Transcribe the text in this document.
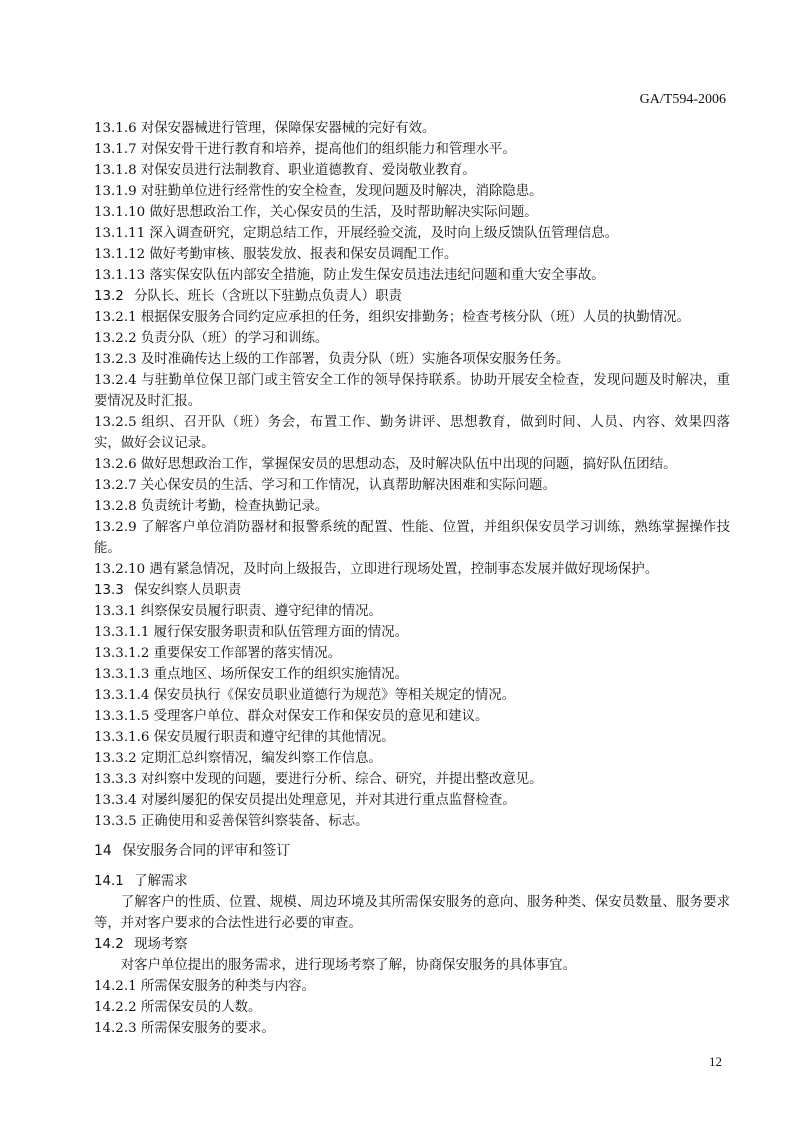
GA/T594-2006
13.1.6 对保安器械进行管理，保障保安器械的完好有效。
13.1.7 对保安骨干进行教育和培养，提高他们的组织能力和管理水平。
13.1.8 对保安员进行法制教育、职业道德教育、爱岗敬业教育。
13.1.9 对驻勤单位进行经常性的安全检查，发现问题及时解决，消除隐患。
13.1.10 做好思想政治工作，关心保安员的生活，及时帮助解决实际问题。
13.1.11 深入调查研究，定期总结工作，开展经验交流，及时向上级反馈队伍管理信息。
13.1.12 做好考勤审核、服装发放、报表和保安员调配工作。
13.1.13 落实保安队伍内部安全措施，防止发生保安员违法违纪问题和重大安全事故。
13.2 分队长、班长（含班以下驻勤点负责人）职责
13.2.1 根据保安服务合同约定应承担的任务，组织安排勤务；检查考核分队（班）人员的执勤情况。
13.2.2 负责分队（班）的学习和训练。
13.2.3 及时准确传达上级的工作部署，负责分队（班）实施各项保安服务任务。
13.2.4 与驻勤单位保卫部门或主管安全工作的领导保持联系。协助开展安全检查，发现问题及时解决，重要情况及时汇报。
13.2.5 组织、召开队（班）务会，布置工作、勤务讲评、思想教育，做到时间、人员、内容、效果四落实，做好会议记录。
13.2.6 做好思想政治工作，掌握保安员的思想动态，及时解决队伍中出现的问题，搞好队伍团结。
13.2.7 关心保安员的生活、学习和工作情况，认真帮助解决困难和实际问题。
13.2.8 负责统计考勤，检查执勤记录。
13.2.9 了解客户单位消防器材和报警系统的配置、性能、位置，并组织保安员学习训练，熟练掌握操作技能。
13.2.10 遇有紧急情况，及时向上级报告，立即进行现场处置，控制事态发展并做好现场保护。
13.3 保安纠察人员职责
13.3.1 纠察保安员履行职责、遵守纪律的情况。
13.3.1.1 履行保安服务职责和队伍管理方面的情况。
13.3.1.2 重要保安工作部署的落实情况。
13.3.1.3 重点地区、场所保安工作的组织实施情况。
13.3.1.4 保安员执行《保安员职业道德行为规范》等相关规定的情况。
13.3.1.5 受理客户单位、群众对保安工作和保安员的意见和建议。
13.3.1.6 保安员履行职责和遵守纪律的其他情况。
13.3.2 定期汇总纠察情况，编发纠察工作信息。
13.3.3 对纠察中发现的问题，要进行分析、综合、研究，并提出整改意见。
13.3.4 对屡纠屡犯的保安员提出处理意见，并对其进行重点监督检查。
13.3.5 正确使用和妥善保管纠察装备、标志。
14 保安服务合同的评审和签订
14.1 了解需求
了解客户的性质、位置、规模、周边环境及其所需保安服务的意向、服务种类、保安员数量、服务要求等，并对客户要求的合法性进行必要的审查。
14.2 现场考察
对客户单位提出的服务需求，进行现场考察了解，协商保安服务的具体事宜。
14.2.1 所需保安服务的种类与内容。
14.2.2 所需保安员的人数。
14.2.3 所需保安服务的要求。
12
